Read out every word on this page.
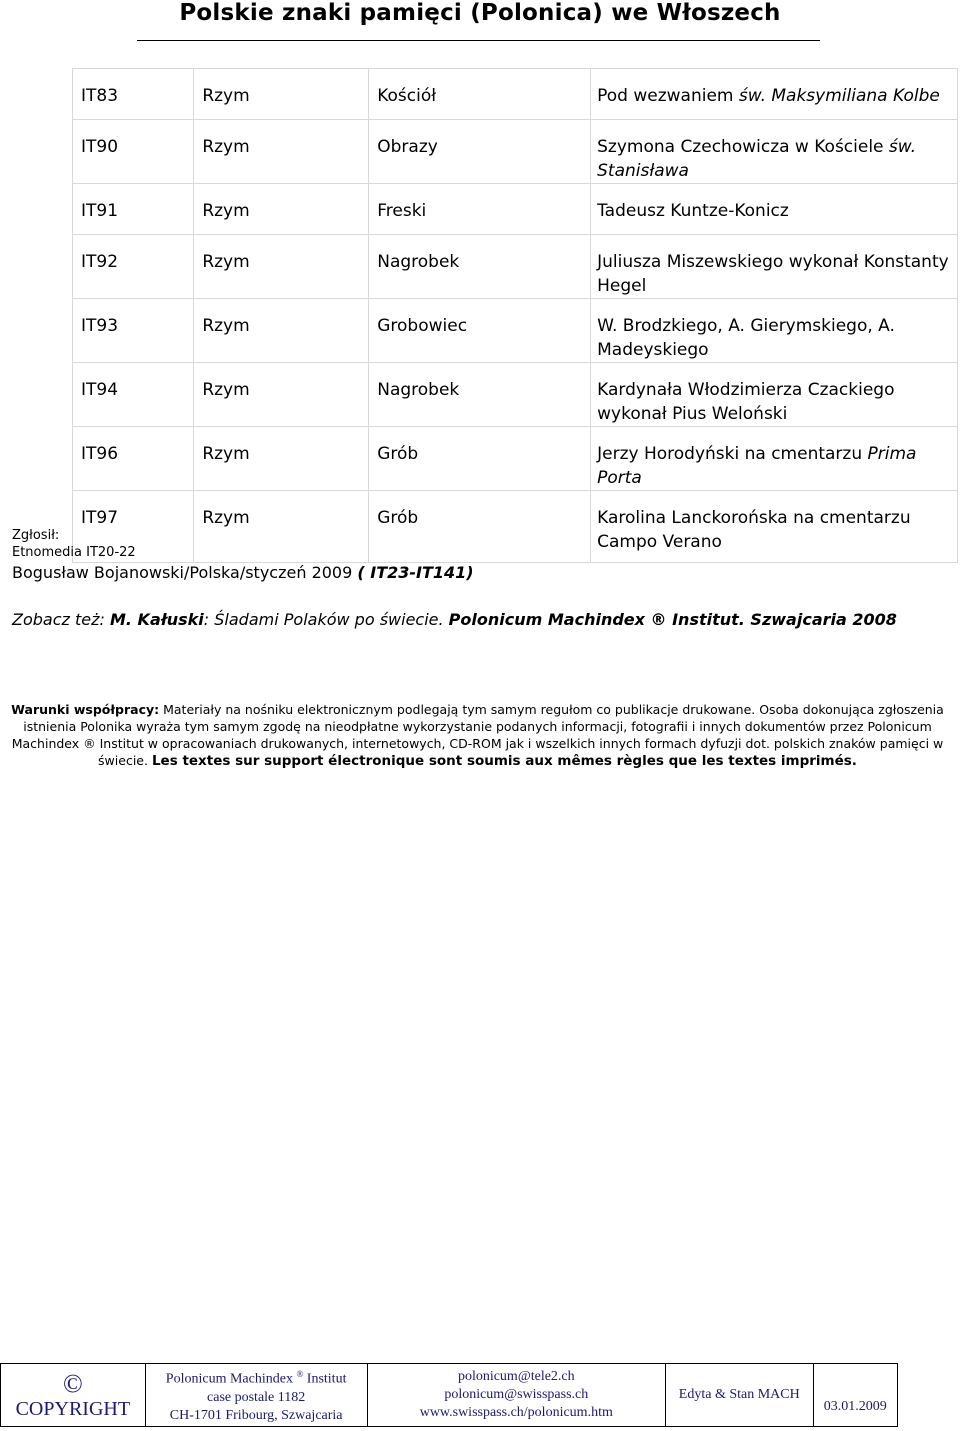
Polskie znaki pamięci (Polonica) we Włoszech
IT83	Rzym	Kościół	Pod wezwaniem św. Maksymiliana Kolbe
IT90	Rzym	Obrazy	Szymona Czechowicza w Kościele św. Stanisława
IT91	Rzym	Freski	Tadeusz Kuntze-Konicz
IT92	Rzym	Nagrobek	Juliusza Miszewskiego wykonał Konstanty Hegel
IT93	Rzym	Grobowiec	W. Brodzkiego, A. Gierymskiego, A. Madeyskiego
IT94	Rzym	Nagrobek	Kardynała Włodzimierza Czackiego wykonał Pius Weloński
IT96	Rzym	Grób	Jerzy Horodyński na cmentarzu Prima Porta
IT97	Rzym	Grób	Karolina Lanckorońska na cmentarzu Campo Verano
Zgłosił:
Etnomedia IT20-22
Bogusław Bojanowski/Polska/styczeń 2009 ( IT23-IT141)
Zobacz też: M. Kałuski: Śladami Polaków po świecie. Polonicum Machindex ® Institut. Szwajcaria 2008
Warunki współpracy: Materiały na nośniku elektronicznym podlegają tym samym regułom co publikacje drukowane. Osoba dokonująca zgłoszenia istnienia Polonika wyraża tym samym zgodę na nieodpłatne wykorzystanie podanych informacji, fotografii i innych dokumentów przez Polonicum Machindex ® Institut w opracowaniach drukowanych, internetowych, CD-ROM jak i wszelkich innych formach dyfuzji dot. polskich znaków pamięci w świecie. Les textes sur support électronique sont soumis aux mêmes règles que les textes imprimés.
©
COPYRIGHT

Polonicum Machindex ® Institut
case postale 1182
CH-1701 Fribourg, Szwajcaria

polonicum@tele2.ch
polonicum@swisspass.ch
www.swisspass.ch/polonicum.htm

Edyta & Stan MACH

03.01.2009
